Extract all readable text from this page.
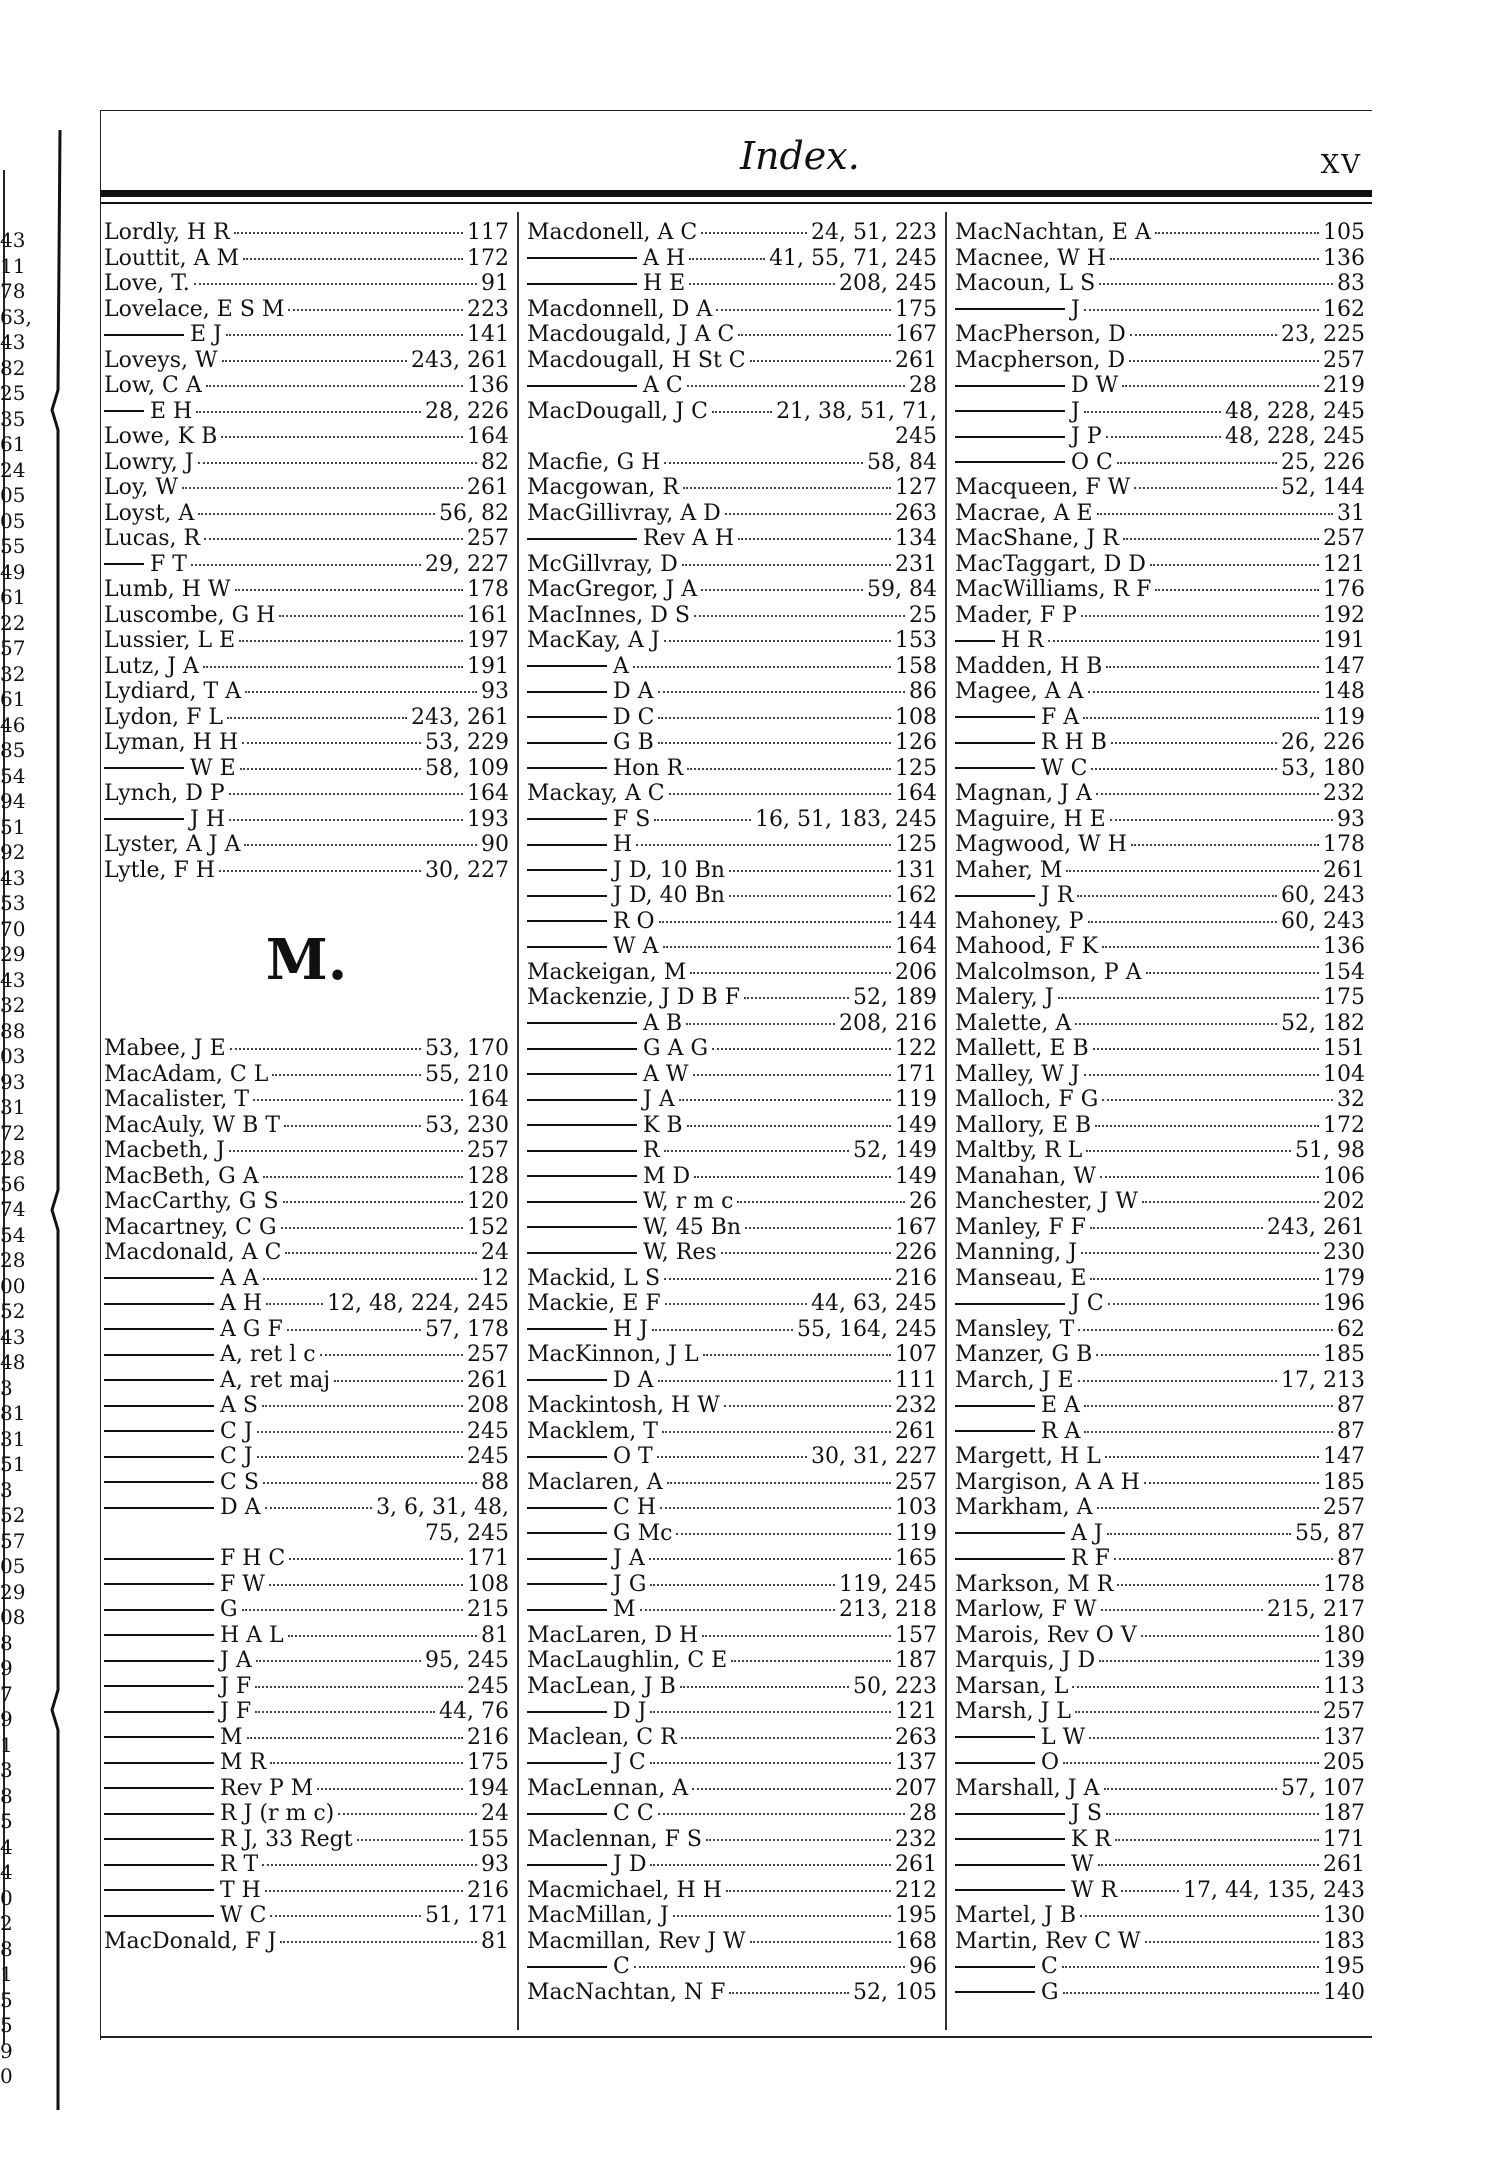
43
11
78
63,
43
82
25
35
61
24
05
05
55
49
61
22
57
32
61
46
85
54
94
51
92
43
53
70
29
43
32
88
03
93
31
72
28
56
74
54
28
00
52
43
48
3
81
31
51
3
52
57
05
29
08
8
9
7
9
1
3
8
5
4
4
0
2
8
1
5
5
9
0
Index.	XV
Lordly, H R	117
Louttit, A M	172
Love, T.	91
Lovelace, E S M	223
E J	141
Loveys, W	243, 261
Low, C A	136
E H	28, 226
Lowe, K B	164
Lowry, J	82
Loy, W	261
Loyst, A	56, 82
Lucas, R	257
F T	29, 227
Lumb, H W	178
Luscombe, G H	161
Lussier, L E	197
Lutz, J A	191
Lydiard, T A	93
Lydon, F L	243, 261
Lyman, H H	53, 229
W E	58, 109
Lynch, D P	164
J H	193
Lyster, A J A	90
Lytle, F H	30, 227
M.
Mabee, J E	53, 170
MacAdam, C L	55, 210
Macalister, T	164
MacAuly, W B T	53, 230
Macbeth, J	257
MacBeth, G A	128
MacCarthy, G S	120
Macartney, C G	152
Macdonald, A C	24
A A	12
A H	12, 48, 224, 245
A G F	57, 178
A, ret l c	257
A, ret maj	261
A S	208
C J	245
C J	245
C S	88
D A	3, 6, 31, 48,
75, 245
F H C	171
F W	108
G	215
H A L	81
J A	95, 245
J F	245
J F	44, 76
M	216
M R	175
Rev P M	194
R J (r m c)	24
R J, 33 Regt	155
R T	93
T H	216
W C	51, 171
MacDonald, F J	81
Macdonell, A C	24, 51, 223
A H	41, 55, 71, 245
H E	208, 245
Macdonnell, D A	175
Macdougald, J A C	167
Macdougall, H St C	261
A C	28
MacDougall, J C	21, 38, 51, 71,
245
Macfie, G H	58, 84
Macgowan, R	127
MacGillivray, A D	263
Rev A H	134
McGillvray, D	231
MacGregor, J A	59, 84
MacInnes, D S	25
MacKay, A J	153
A	158
D A	86
D C	108
G B	126
Hon R	125
Mackay, A C	164
F S	16, 51, 183, 245
H	125
J D, 10 Bn	131
J D, 40 Bn	162
R O	144
W A	164
Mackeigan, M	206
Mackenzie, J D B F	52, 189
A B	208, 216
G A G	122
A W	171
J A	119
K B	149
R	52, 149
M D	149
W, r m c	26
W, 45 Bn	167
W, Res	226
Mackid, L S	216
Mackie, E F	44, 63, 245
H J	55, 164, 245
MacKinnon, J L	107
D A	111
Mackintosh, H W	232
Macklem, T	261
O T	30, 31, 227
Maclaren, A	257
C H	103
G Mc	119
J A	165
J G	119, 245
M	213, 218
MacLaren, D H	157
MacLaughlin, C E	187
MacLean, J B	50, 223
D J	121
Maclean, C R	263
J C	137
MacLennan, A	207
C C	28
Maclennan, F S	232
J D	261
Macmichael, H H	212
MacMillan, J	195
Macmillan, Rev J W	168
C	96
MacNachtan, N F	52, 105
MacNachtan, E A	105
Macnee, W H	136
Macoun, L S	83
J	162
MacPherson, D	23, 225
Macpherson, D	257
D W	219
J	48, 228, 245
J P	48, 228, 245
O C	25, 226
Macqueen, F W	52, 144
Macrae, A E	31
MacShane, J R	257
MacTaggart, D D	121
MacWilliams, R F	176
Mader, F P	192
H R	191
Madden, H B	147
Magee, A A	148
F A	119
R H B	26, 226
W C	53, 180
Magnan, J A	232
Maguire, H E	93
Magwood, W H	178
Maher, M	261
J R	60, 243
Mahoney, P	60, 243
Mahood, F K	136
Malcolmson, P A	154
Malery, J	175
Malette, A	52, 182
Mallett, E B	151
Malley, W J	104
Malloch, F G	32
Mallory, E B	172
Maltby, R L	51, 98
Manahan, W	106
Manchester, J W	202
Manley, F F	243, 261
Manning, J	230
Manseau, E	179
J C	196
Mansley, T	62
Manzer, G B	185
March, J E	17, 213
E A	87
R A	87
Margett, H L	147
Margison, A A H	185
Markham, A	257
A J	55, 87
R F	87
Markson, M R	178
Marlow, F W	215, 217
Marois, Rev O V	180
Marquis, J D	139
Marsan, L	113
Marsh, J L	257
L W	137
O	205
Marshall, J A	57, 107
J S	187
K R	171
W	261
W R	17, 44, 135, 243
Martel, J B	130
Martin, Rev C W	183
C	195
G	140
